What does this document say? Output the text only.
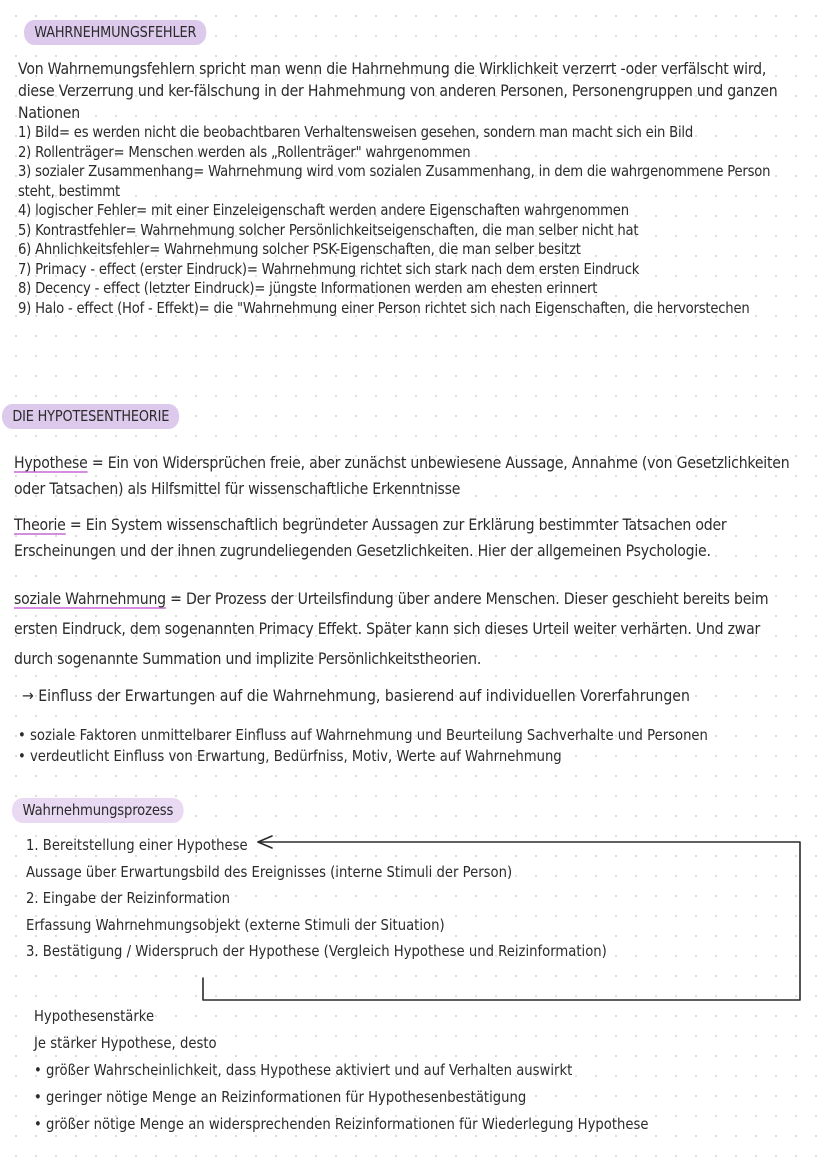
WAHRNEHMUNGSFEHLER
Von Wahrnemungsfehlern spricht man wenn die Hahrnehmung die Wirklichkeit verzerrt -oder verfälscht wird, diese Verzerrung und ker-fälschung in der Hahmehmung von anderen Personen, Personengruppen und ganzen Nationen
1) Bild= es werden nicht die beobachtbaren Verhaltensweisen gesehen, sondern man macht sich ein Bild
2) Rollenträger= Menschen werden als „Rollenträger" wahrgenommen
3) sozialer Zusammenhang= Wahrnehmung wird vom sozialen Zusammenhang, in dem die wahrgenommene Person steht, bestimmt
4) logischer Fehler= mit einer Einzeleigenschaft werden andere Eigenschaften wahrgenommen
5) Kontrastfehler= Wahrnehmung solcher Persönlichkeitseigenschaften, die man selber nicht hat
6) Ahnlichkeitsfehler= Wahrnehmung solcher PSK-Eigenschaften, die man selber besitzt
7) Primacy - effect (erster Eindruck)= Wahrnehmung richtet sich stark nach dem ersten Eindruck
8) Decency - effect (letzter Eindruck)= jüngste Informationen werden am ehesten erinnert
9) Halo - effect (Hof - Effekt)= die "Wahrnehmung einer Person richtet sich nach Eigenschaften, die hervorstechen
DIE HYPOTESENTHEORIE
Hypothese = Ein von Widersprüchen freie, aber zunächst unbewiesene Aussage, Annahme (von Gesetzlichkeiten oder Tatsachen) als Hilfsmittel für wissenschaftliche Erkenntnisse
Theorie = Ein System wissenschaftlich begründeter Aussagen zur Erklärung bestimmter Tatsachen oder Erscheinungen und der ihnen zugrundeliegenden Gesetzlichkeiten. Hier der allgemeinen Psychologie.
soziale Wahrnehmung = Der Prozess der Urteilsfindung über andere Menschen. Dieser geschieht bereits beim ersten Eindruck, dem sogenannten Primacy Effekt. Später kann sich dieses Urteil weiter verhärten. Und zwar durch sogenannte Summation und implizite Persönlichkeitstheorien.
→ Einfluss der Erwartungen auf die Wahrnehmung, basierend auf individuellen Vorerfahrungen
• soziale Faktoren unmittelbarer Einfluss auf Wahrnehmung und Beurteilung Sachverhalte und Personen
• verdeutlicht Einfluss von Erwartung, Bedürfniss, Motiv, Werte auf Wahrnehmung
Wahrnehmungsprozess
1. Bereitstellung einer Hypothese
Aussage über Erwartungsbild des Ereignisses (interne Stimuli der Person)
2. Eingabe der Reizinformation
Erfassung Wahrnehmungsobjekt (externe Stimuli der Situation)
3. Bestätigung / Widerspruch der Hypothese (Vergleich Hypothese und Reizinformation)
Hypothesenstärke
Je stärker Hypothese, desto
• größer Wahrscheinlichkeit, dass Hypothese aktiviert und auf Verhalten auswirkt
• geringer nötige Menge an Reizinformationen für Hypothesenbestätigung
• größer nötige Menge an widersprechenden Reizinformationen für Wiederlegung Hypothese
